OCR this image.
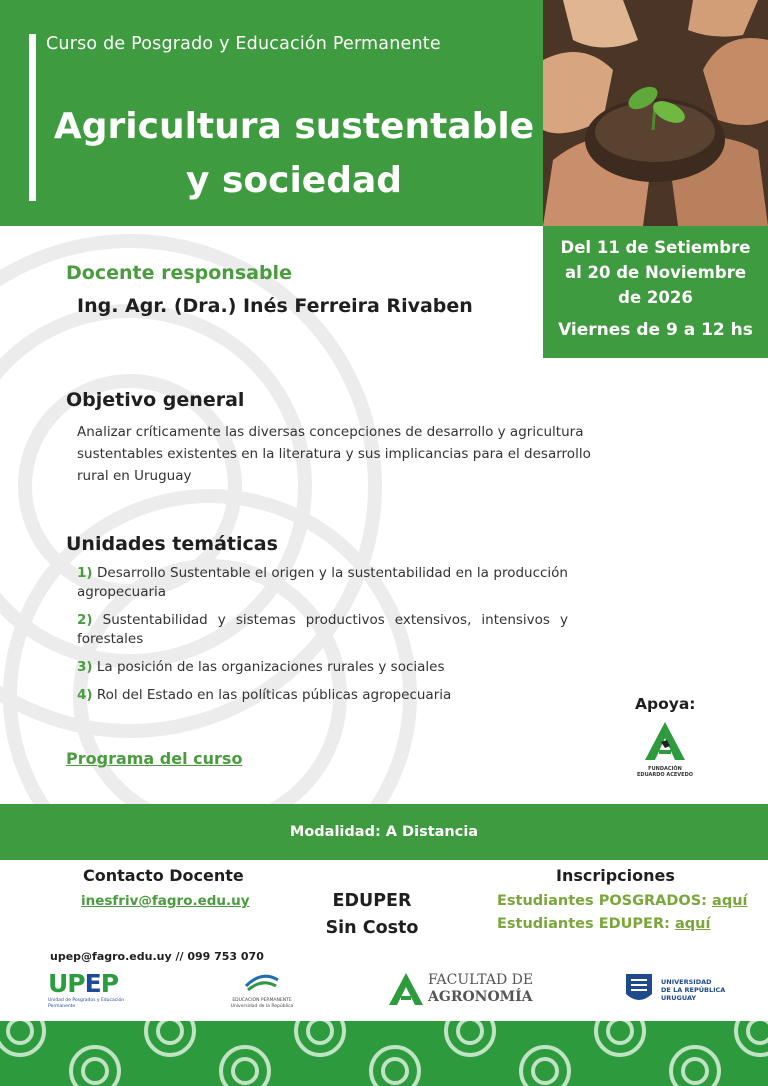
Curso de Posgrado y Educación Permanente
Agricultura sustentable
y sociedad
Del 11 de Setiembre
al 20 de Noviembre
de 2026
Viernes de 9 a 12 hs
Docente responsable
Ing. Agr. (Dra.) Inés Ferreira Rivaben
Objetivo general
Analizar críticamente las diversas concepciones de desarrollo y agricultura sustentables existentes en la literatura y sus implicancias para el desarrollo rural en Uruguay
Unidades temáticas
1) Desarrollo Sustentable el origen y la sustentabilidad en la producción agropecuaria
2) Sustentabilidad y sistemas productivos extensivos, intensivos y forestales
3) La posición de las organizaciones rurales y sociales
4) Rol del Estado en las políticas públicas agropecuaria
Programa del curso
Apoya:
FUNDACIÓN
EDUARDO ACEVEDO
Modalidad: A Distancia
Contacto Docente
inesfriv@fagro.edu.uy	EDUPER
Sin Costo
Inscripciones
Estudiantes POSGRADOS: aquí
Estudiantes EDUPER: aquí
upep@fagro.edu.uy // 099 753 070
UPEP
Unidad de Posgrados y Educación Permanente
EDUCACIÓN PERMANENTE
Universidad de la República
FACULTAD DE
AGRONOMÍA
UNIVERSIDAD
DE LA REPÚBLICA
URUGUAY
